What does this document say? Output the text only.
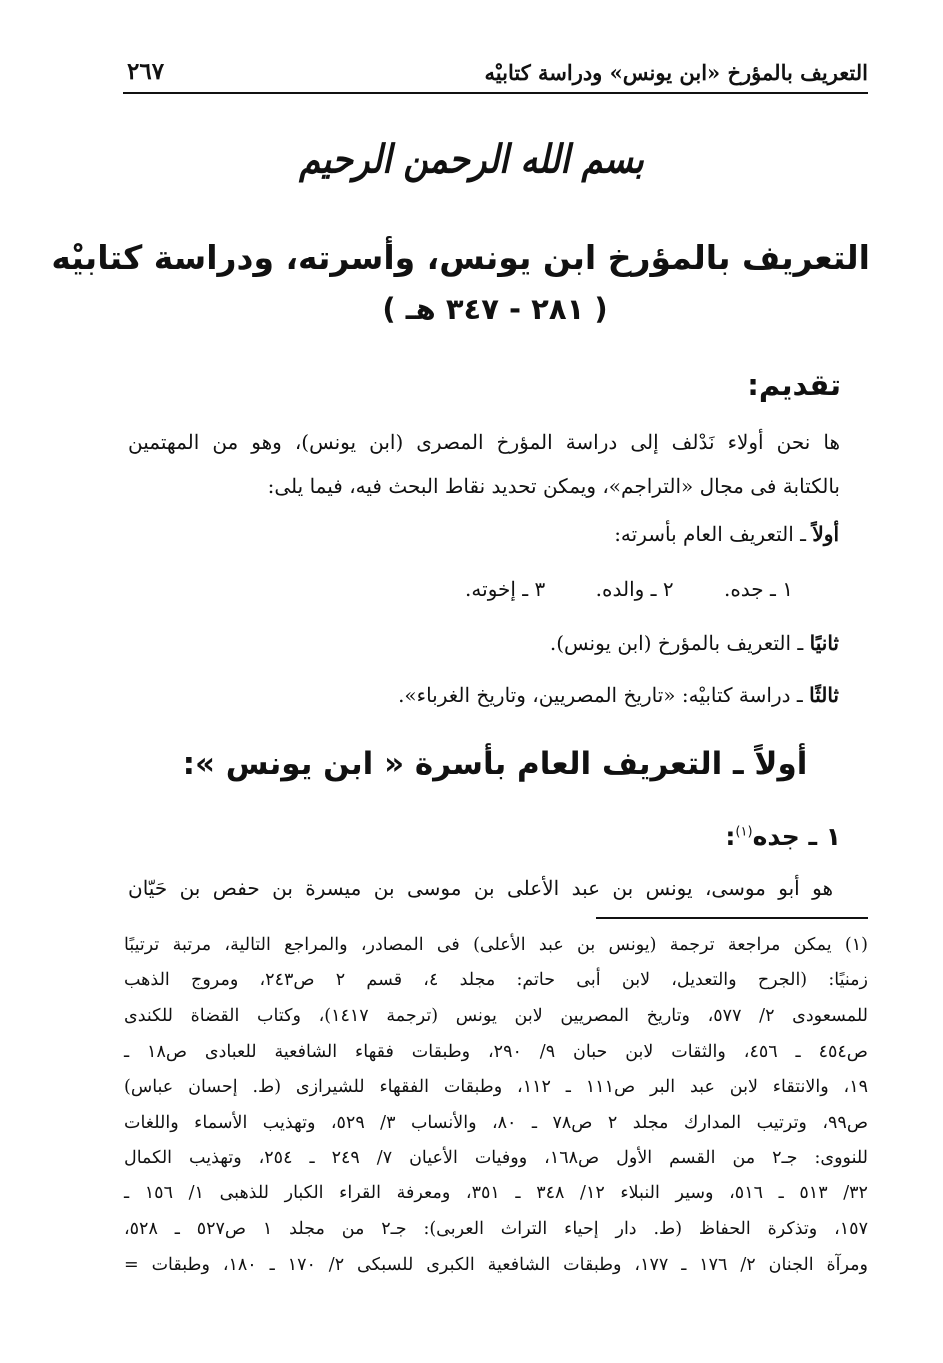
التعريف بالمؤرخ «ابن يونس» ودراسة كتابيْه
٢٦٧
بسم الله الرحمن الرحيم
التعريف بالمؤرخ ابن يونس، وأسرته، ودراسة كتابيْه
( ٢٨١ - ٣٤٧ هـ )
تقديم:
ها نحن أولاء نَدْلف إلى دراسة المؤرخ المصرى (ابن يونس)، وهو من المهتمين
بالكتابة فى مجال «التراجم»، ويمكن تحديد نقاط البحث فيه، فيما يلى:
أولاً ـ التعريف العام بأسرته:
١ ـ جده. ٢ ـ والده. ٣ ـ إخوته.
ثانيًا ـ التعريف بالمؤرخ (ابن يونس).
ثالثًا ـ دراسة كتابيْه: «تاريخ المصريين، وتاريخ الغرباء».
أولاً ـ التعريف العام بأسرة « ابن يونس »:
١ ـ جده$^{(١)}$:
هو أبو موسى، يونس بن عبد الأعلى بن موسى بن ميسرة بن حفص بن حَيّان
(١) يمكن مراجعة ترجمة (يونس بن عبد الأعلى) فى المصادر، والمراجع التالية، مرتبة ترتيبًا
زمنيًا: (الجرح والتعديل، لابن أبى حاتم: مجلد ٤، قسم ٢ ص٢٤٣، ومروج الذهب
للمسعودى ٢/ ٥٧٧، وتاريخ المصريين لابن يونس (ترجمة ١٤١٧)، وكتاب القضاة للكندى
ص٤٥٤ ـ ٤٥٦، والثقات لابن حبان ٩/ ٢٩٠، وطبقات فقهاء الشافعية للعبادى ص١٨ ـ
١٩، والانتقاء لابن عبد البر ص١١١ ـ ١١٢، وطبقات الفقهاء للشيرازى (ط. إحسان عباس)
ص٩٩، وترتيب المدارك مجلد ٢ ص٧٨ ـ ٨٠، والأنساب ٣/ ٥٢٩، وتهذيب الأسماء واللغات
للنووى: جـ٢ من القسم الأول ص١٦٨، ووفيات الأعيان ٧/ ٢٤٩ ـ ٢٥٤، وتهذيب الكمال
٣٢/ ٥١٣ ـ ٥١٦، وسير النبلاء ١٢/ ٣٤٨ ـ ٣٥١، ومعرفة القراء الكبار للذهبى ١/ ١٥٦ ـ
١٥٧، وتذكرة الحفاظ (ط. دار إحياء التراث العربى): جـ٢ من مجلد ١ ص٥٢٧ ـ ٥٢٨،
ومرآة الجنان ٢/ ١٧٦ ـ ١٧٧، وطبقات الشافعية الكبرى للسبكى ٢/ ١٧٠ ـ ١٨٠، وطبقات =
